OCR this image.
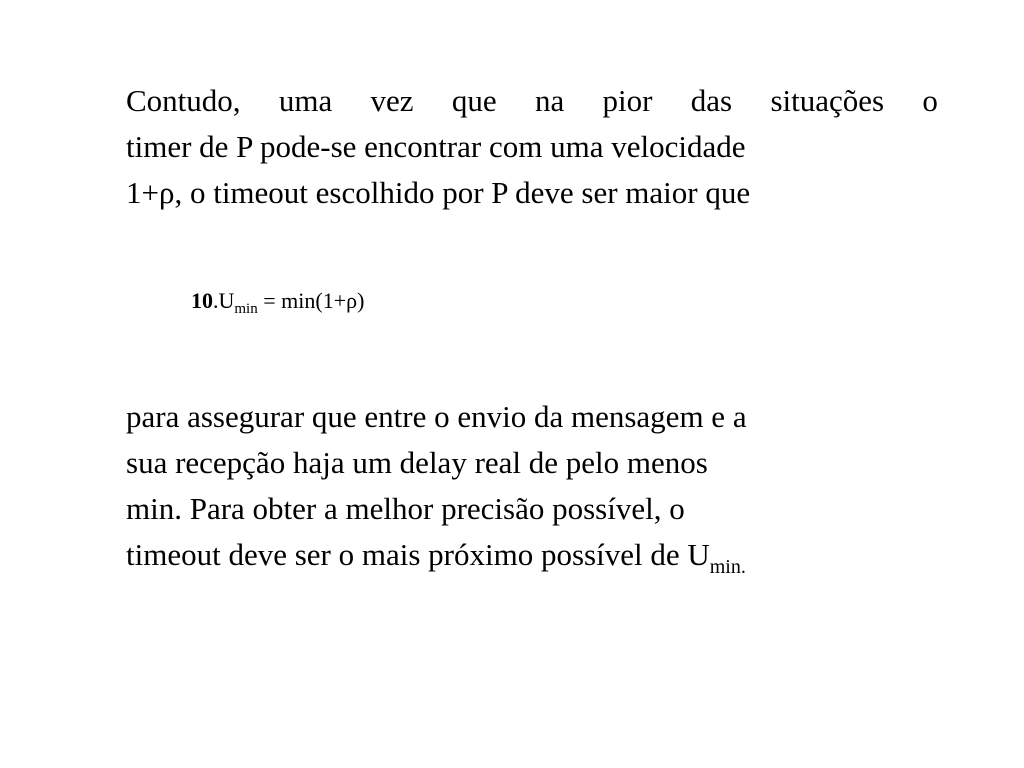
Contudo, uma vez que na pior das situações o
timer de P pode-se encontrar com uma velocidade
1+ρ, o timeout escolhido por P deve ser maior que
$10.U_{min} = \min(1+\rho)$
para assegurar que entre o envio da mensagem e a
sua recepção haja um delay real de pelo menos
min. Para obter a melhor precisão possível, o
timeout deve ser o mais próximo possível de $U_{min.}$
